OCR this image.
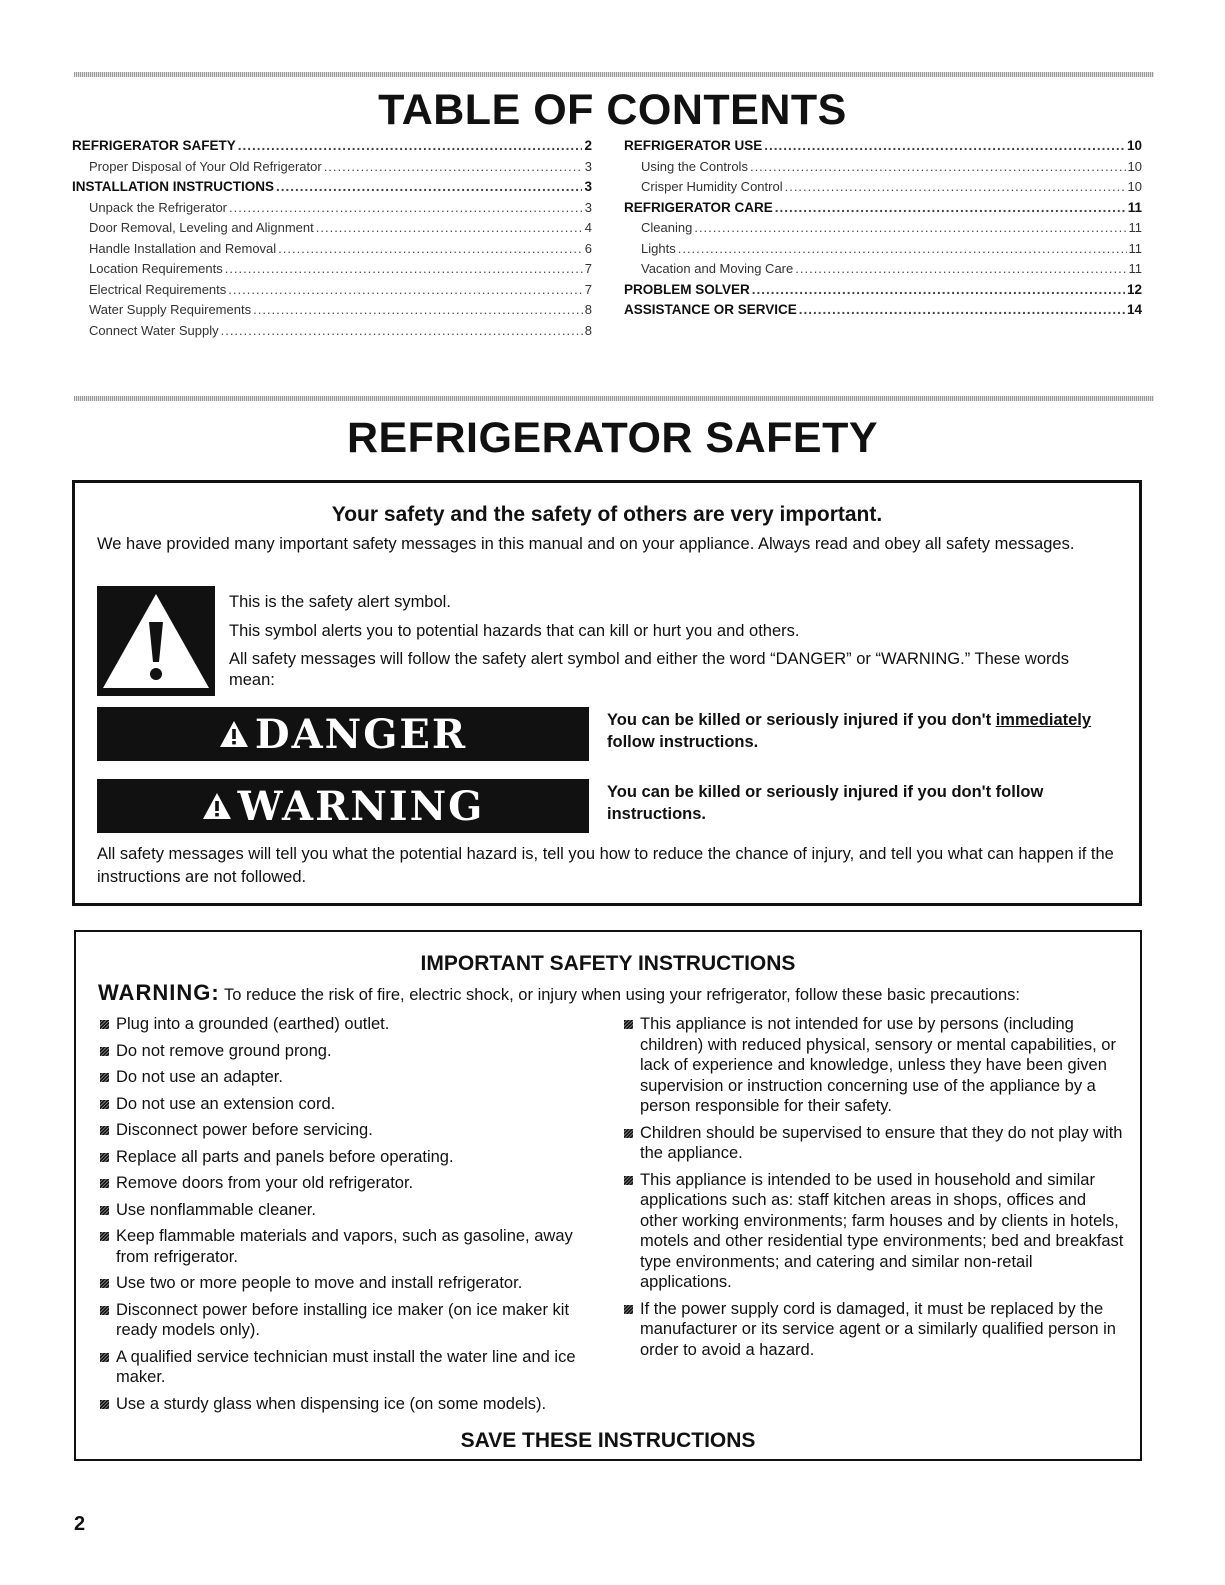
TABLE OF CONTENTS
REFRIGERATOR SAFETY .....	2
Proper Disposal of Your Old Refrigerator .....	3
INSTALLATION INSTRUCTIONS .....	3
Unpack the Refrigerator .....	3
Door Removal, Leveling and Alignment .....	4
Handle Installation and Removal .....	6
Location Requirements .....	7
Electrical Requirements .....	7
Water Supply Requirements .....	8
Connect Water Supply .....	8
REFRIGERATOR USE .....	10
Using the Controls .....	10
Crisper Humidity Control .....	10
REFRIGERATOR CARE .....	11
Cleaning .....	11
Lights .....	11
Vacation and Moving Care .....	11
PROBLEM SOLVER .....	12
ASSISTANCE OR SERVICE .....	14
REFRIGERATOR SAFETY
Your safety and the safety of others are very important.

We have provided many important safety messages in this manual and on your appliance. Always read and obey all safety messages.

This is the safety alert symbol.

This symbol alerts you to potential hazards that can kill or hurt you and others.

All safety messages will follow the safety alert symbol and either the word “DANGER” or “WARNING.” These words mean:

DANGER	You can be killed or seriously injured if you don't immediately follow instructions.

WARNING	You can be killed or seriously injured if you don't follow instructions.

All safety messages will tell you what the potential hazard is, tell you how to reduce the chance of injury, and tell you what can happen if the instructions are not followed.

IMPORTANT SAFETY INSTRUCTIONS
WARNING: To reduce the risk of fire, electric shock, or injury when using your refrigerator, follow these basic precautions:
Plug into a grounded (earthed) outlet.
Do not remove ground prong.
Do not use an adapter.
Do not use an extension cord.
Disconnect power before servicing.
Replace all parts and panels before operating.
Remove doors from your old refrigerator.
Use nonflammable cleaner.
Keep flammable materials and vapors, such as gasoline, away from refrigerator.
Use two or more people to move and install refrigerator.
Disconnect power before installing ice maker (on ice maker kit ready models only).
A qualified service technician must install the water line and ice maker.
Use a sturdy glass when dispensing ice (on some models).
This appliance is not intended for use by persons (including children) with reduced physical, sensory or mental capabilities, or lack of experience and knowledge, unless they have been given supervision or instruction concerning use of the appliance by a person responsible for their safety.
Children should be supervised to ensure that they do not play with the appliance.
This appliance is intended to be used in household and similar applications such as: staff kitchen areas in shops, offices and other working environments; farm houses and by clients in hotels, motels and other residential type environments; bed and breakfast type environments; and catering and similar non-retail applications.
If the power supply cord is damaged, it must be replaced by the manufacturer or its service agent or a similarly qualified person in order to avoid a hazard.

SAVE THESE INSTRUCTIONS

2
